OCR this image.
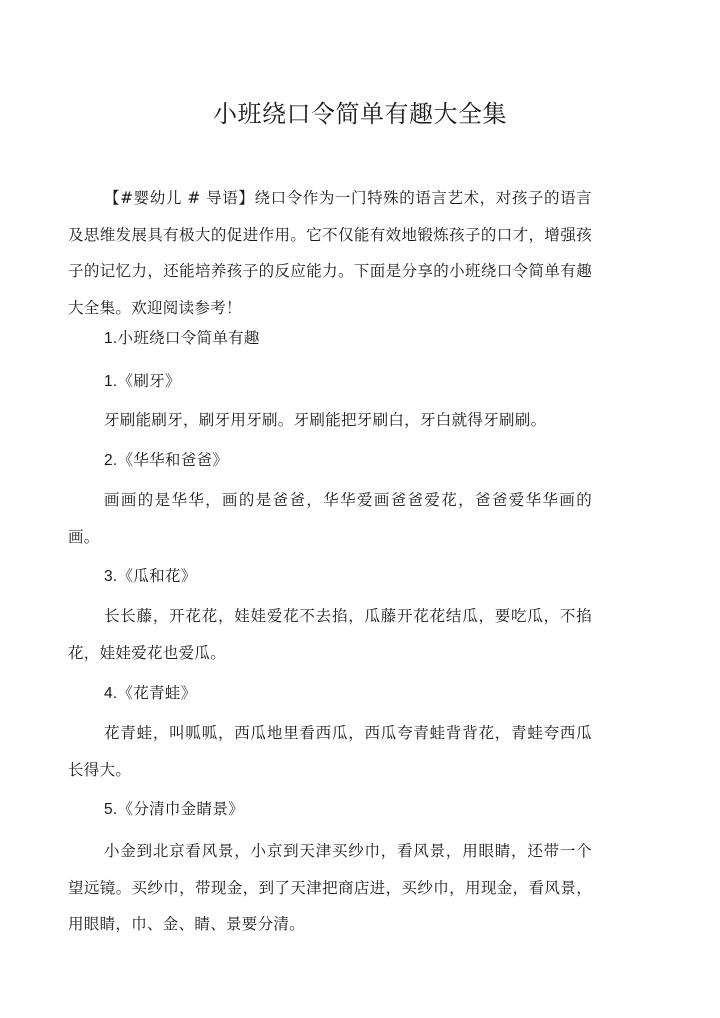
小班绕口令简单有趣大全集

【#婴幼儿 # 导语】绕口令作为一门特殊的语言艺术，对孩子的语言及思维发展具有极大的促进作用。它不仅能有效地锻炼孩子的口才，增强孩子的记忆力，还能培养孩子的反应能力。下面是分享的小班绕口令简单有趣大全集。欢迎阅读参考！

1.小班绕口令简单有趣

1.《刷牙》

牙刷能刷牙，刷牙用牙刷。牙刷能把牙刷白，牙白就得牙刷刷。

2.《华华和爸爸》

画画的是华华，画的是爸爸，华华爱画爸爸爱花，爸爸爱华华画的画。

3.《瓜和花》

长长藤，开花花，娃娃爱花不去掐，瓜藤开花花结瓜，要吃瓜，不掐花，娃娃爱花也爱瓜。

4.《花青蛙》

花青蛙，叫呱呱，西瓜地里看西瓜，西瓜夸青蛙背背花，青蛙夸西瓜长得大。

5.《分清巾金睛景》

小金到北京看风景，小京到天津买纱巾，看风景，用眼睛，还带一个望远镜。买纱巾，带现金，到了天津把商店进，买纱巾，用现金，看风景，用眼睛，巾、金、睛、景要分清。
